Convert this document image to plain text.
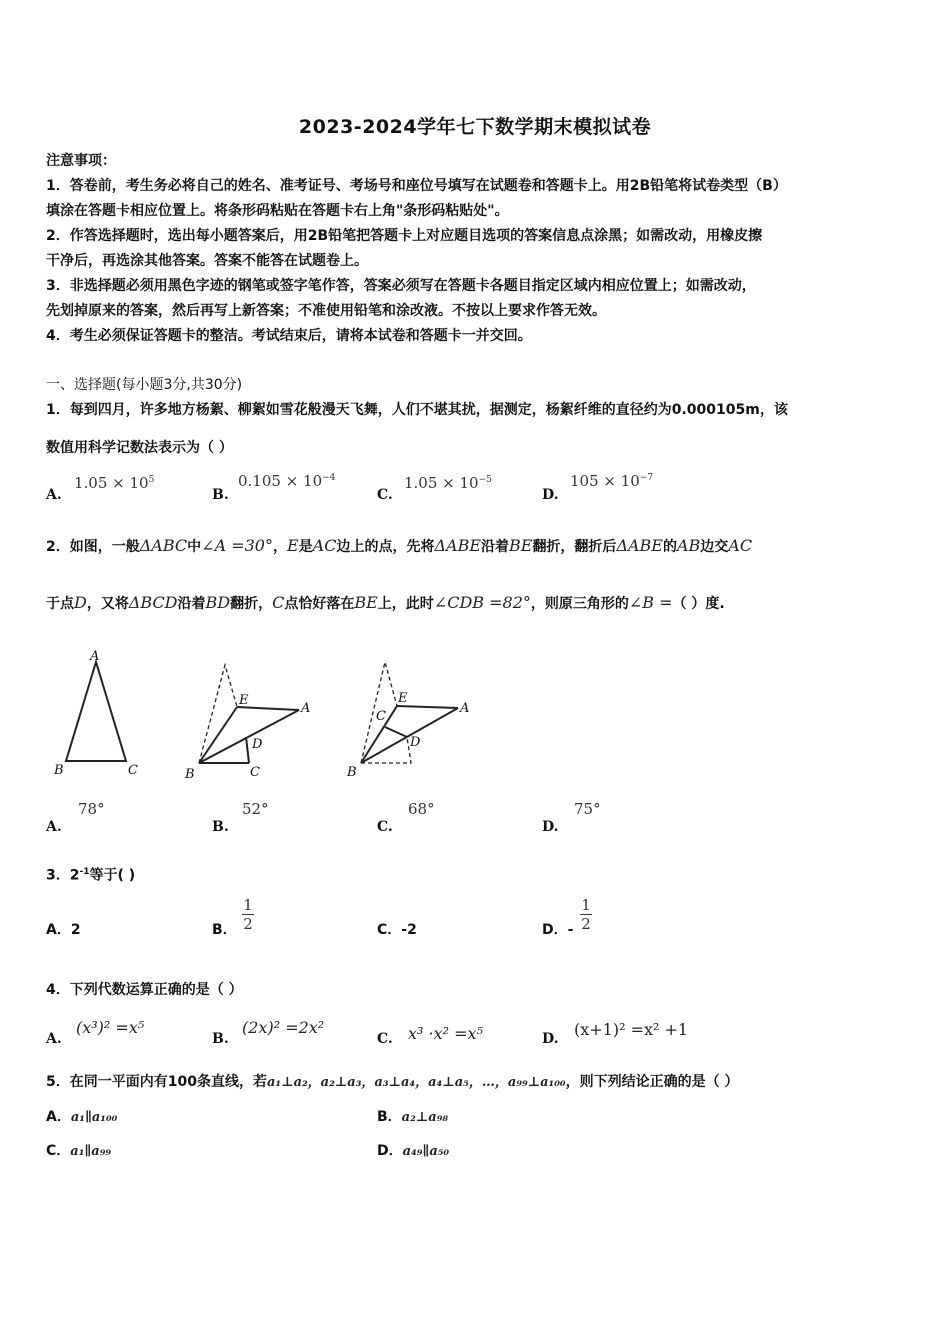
2023-2024学年七下数学期末模拟试卷
注意事项：
1．答卷前，考生务必将自己的姓名、准考证号、考场号和座位号填写在试题卷和答题卡上。用2B铅笔将试卷类型（B）
填涂在答题卡相应位置上。将条形码粘贴在答题卡右上角"条形码粘贴处"。
2．作答选择题时，选出每小题答案后，用2B铅笔把答题卡上对应题目选项的答案信息点涂黑；如需改动，用橡皮擦
干净后，再选涂其他答案。答案不能答在试题卷上。
3．非选择题必须用黑色字迹的钢笔或签字笔作答，答案必须写在答题卡各题目指定区域内相应位置上；如需改动，
先划掉原来的答案，然后再写上新答案；不准使用铅笔和涂改液。不按以上要求作答无效。
4．考生必须保证答题卡的整洁。考试结束后，请将本试卷和答题卡一并交回。
一、选择题(每小题3分,共30分)
1．每到四月，许多地方杨絮、柳絮如雪花般漫天飞舞，人们不堪其扰，据测定，杨絮纤维的直径约为0.000105m，该
数值用科学记数法表示为（ ）
A.
$1.05 \times 10^5$
B.
$0.105 \times 10^{-4}$
C.
$1.05 \times 10^{-5}$
D.
$105 \times 10^{-7}$
2．如图，一般ΔABC中∠A =30°，E是AC边上的点，先将ΔABE沿着BE翻折，翻折后ΔABE的AB边交AC
于点D，又将ΔBCD沿着BD翻折，C点恰好落在BE上，此时∠CDB =82°，则原三角形的∠B =（ ）度.
A
B	C
E
A
D
B	C
E
A
C
D
B
A.
78°
B.
52°
C.
68°
D.
75°
3．$2^{-1}$等于( )
A．2	B．
1
2	C．-2	D．-
1
2
4．下列代数运算正确的是（ ）
A.
(x³)² =x⁵
B.
(2x)² =2x²
C. x³ ·x² =x⁵	D. (x+1)² =x² +1
5．在同一平面内有100条直线，若a₁⊥a₂，a₂⊥a₃，a₃⊥a₄，a₄⊥a₅，…，a₉₉⊥a₁₀₀，则下列结论正确的是（ ）
A．a₁∥a₁₀₀	B．a₂⊥a₉₈
C．a₁∥a₉₉	D．a₄₉∥a₅₀
